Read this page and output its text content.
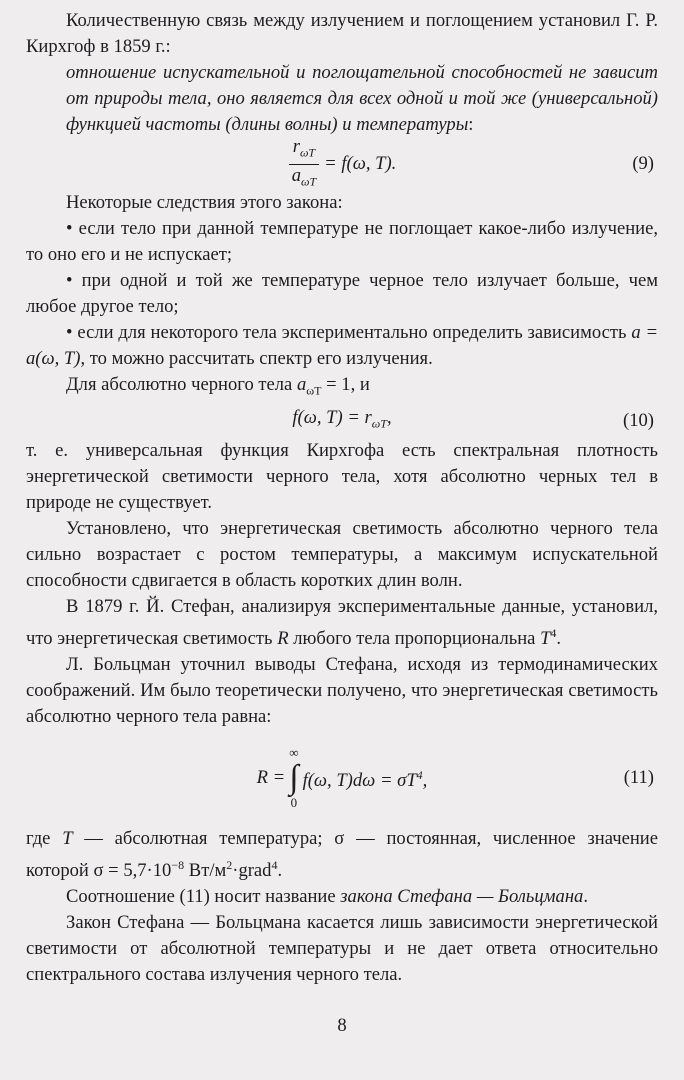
Количественную связь между излучением и поглощением установил Г. Р. Кирхгоф в 1859 г.:

отношение испускательной и поглощательной способностей не зависит от природы тела, оно является для всех одной и той же (универсальной) функцией частоты (длины волны) и температуры:

$\frac{r_{\omega T}}{a_{\omega T}} = f(\omega$, T).	(9)

Некоторые следствия этого закона:

• если тело при данной температуре не поглощает какое-либо излучение, то оно его и не испускает;

• при одной и той же температуре черное тело излучает больше, чем любое другое тело;

• если для некоторого тела экспериментально определить зависимость a = a(ω, T), то можно рассчитать спектр его излучения.

Для абсолютно черного тела $a_{\omega T} = 1$, и

f(ω, $T) = r_{\omega T}$,	(10)

т. е. универсальная функция Кирхгофа есть спектральная плотность энергетической светимости черного тела, хотя абсолютно черных тел в природе не существует.

Установлено, что энергетическая светимость абсолютно черного тела сильно возрастает с ростом температуры, а максимум испускательной способности сдвигается в область коротких длин волн.

В 1879 г. Й. Стефан, анализируя экспериментальные данные, установил, что энергетическая светимость R любого тела пропорциональна $T^4$.

Л. Больцман уточнил выводы Стефана, исходя из термодинамических соображений. Им было теоретически получено, что энергетическая светимость абсолютно черного тела равна:

R =
∞
∫
0
f(ω, $T)d\omega = \sigma T^4$,	(11)

где T — абсолютная температура; σ — постоянная, численное значение которой $\sigma = 5,7\cdot 10^{-8}$ $Вт/м^2\cdot grad^4$.

Соотношение (11) носит название закона Стефана — Больцмана.

Закон Стефана — Больцмана касается лишь зависимости энергетической светимости от абсолютной температуры и не дает ответа относительно спектрального состава излучения черного тела.

8
